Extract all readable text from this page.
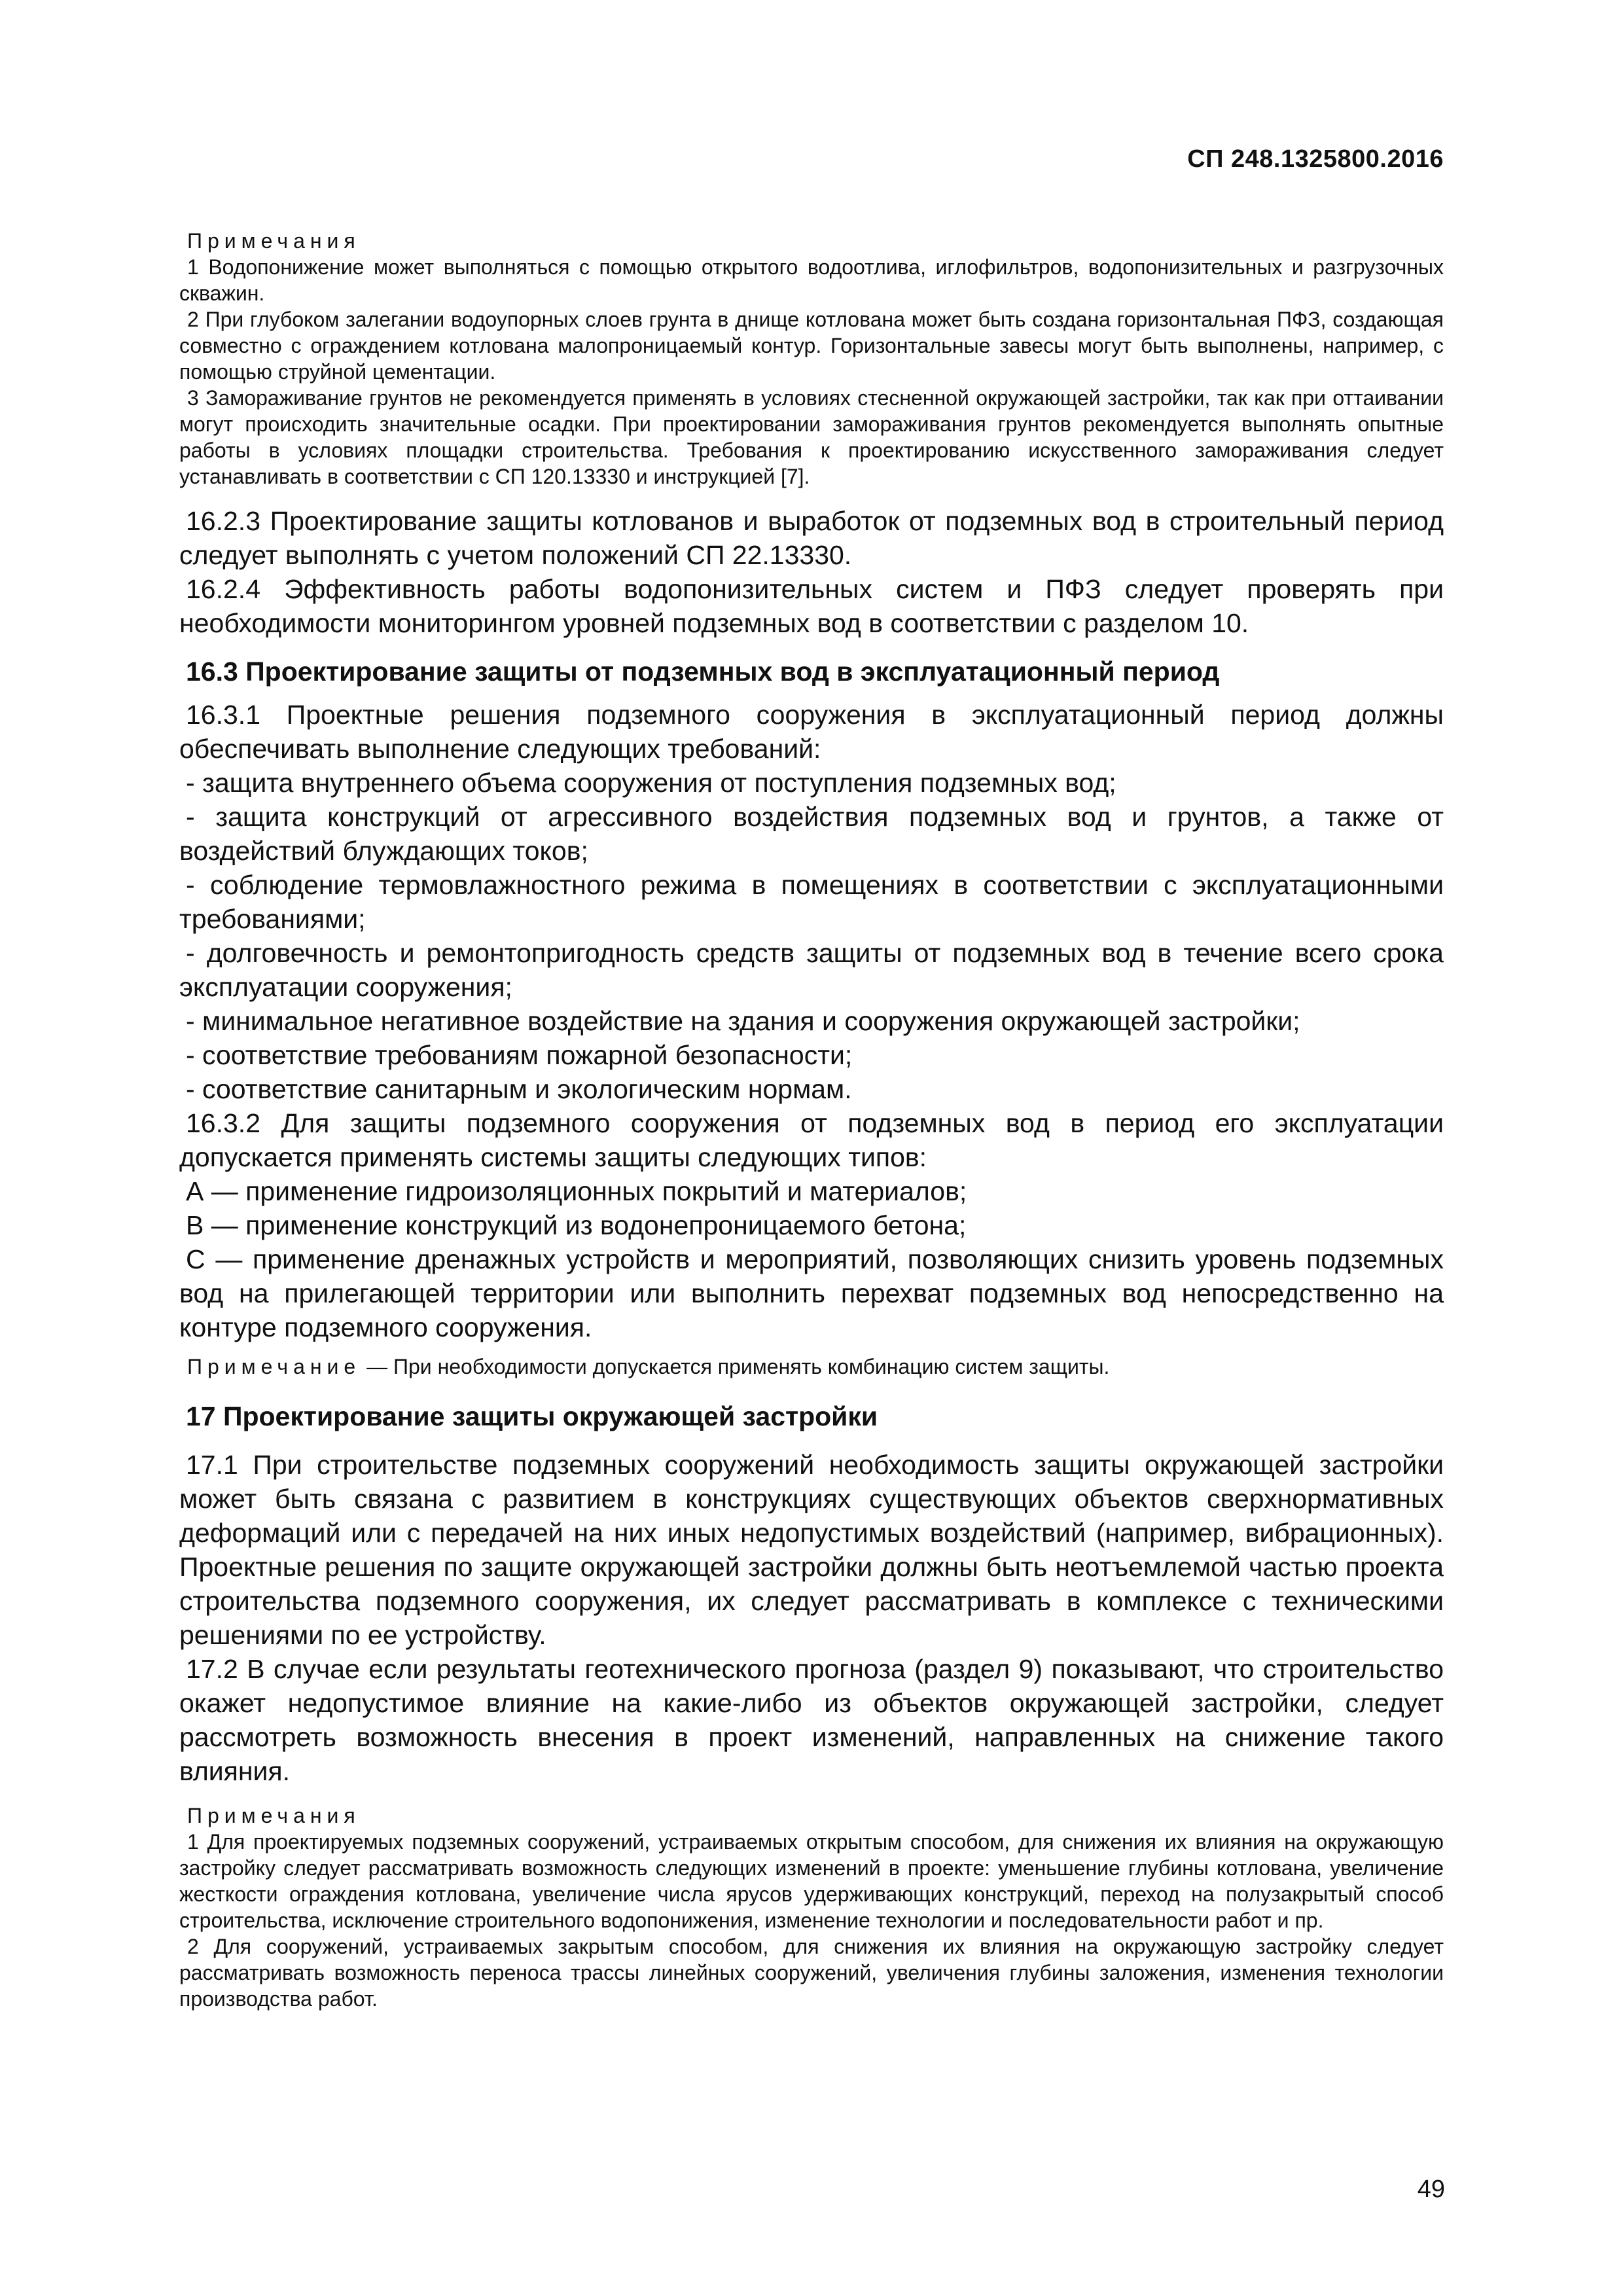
СП 248.1325800.2016
Примечания

1 Водопонижение может выполняться с помощью открытого водоотлива, иглофильтров, водопонизительных и разгрузочных скважин.

2 При глубоком залегании водоупорных слоев грунта в днище котлована может быть создана горизонтальная ПФЗ, создающая совместно с ограждением котлована малопроницаемый контур. Горизонтальные завесы могут быть выполнены, например, с помощью струйной цементации.

3 Замораживание грунтов не рекомендуется применять в условиях стесненной окружающей застройки, так как при оттаивании могут происходить значительные осадки. При проектировании замораживания грунтов рекомендуется выполнять опытные работы в условиях площадки строительства. Требования к проектированию искусственного замораживания следует устанавливать в соответствии с СП 120.13330 и инструкцией [7].

16.2.3 Проектирование защиты котлованов и выработок от подземных вод в строительный период следует выполнять с учетом положений СП 22.13330.

16.2.4 Эффективность работы водопонизительных систем и ПФЗ следует проверять при необходимости мониторингом уровней подземных вод в соответствии с разделом 10.

16.3 Проектирование защиты от подземных вод в эксплуатационный период

16.3.1 Проектные решения подземного сооружения в эксплуатационный период должны обеспечивать выполнение следующих требований:

- защита внутреннего объема сооружения от поступления подземных вод;

- защита конструкций от агрессивного воздействия подземных вод и грунтов, а также от воздействий блуждающих токов;

- соблюдение термовлажностного режима в помещениях в соответствии с эксплуатационными требованиями;

- долговечность и ремонтопригодность средств защиты от подземных вод в течение всего срока эксплуатации сооружения;

- минимальное негативное воздействие на здания и сооружения окружающей застройки;

- соответствие требованиям пожарной безопасности;

- соответствие санитарным и экологическим нормам.

16.3.2 Для защиты подземного сооружения от подземных вод в период его эксплуатации допускается применять системы защиты следующих типов:

А — применение гидроизоляционных покрытий и материалов;

В — применение конструкций из водонепроницаемого бетона;

С — применение дренажных устройств и мероприятий, позволяющих снизить уровень подземных вод на прилегающей территории или выполнить перехват подземных вод непосредственно на контуре подземного сооружения.

Примечание — При необходимости допускается применять комбинацию систем защиты.

17 Проектирование защиты окружающей застройки

17.1 При строительстве подземных сооружений необходимость защиты окружающей застройки может быть связана с развитием в конструкциях существующих объектов сверхнормативных деформаций или с передачей на них иных недопустимых воздействий (например, вибрационных). Проектные решения по защите окружающей застройки должны быть неотъемлемой частью проекта строительства подземного сооружения, их следует рассматривать в комплексе с техническими решениями по ее устройству.

17.2 В случае если результаты геотехнического прогноза (раздел 9) показывают, что строительство окажет недопустимое влияние на какие-либо из объектов окружающей застройки, следует рассмотреть возможность внесения в проект изменений, направленных на снижение такого влияния.

Примечания

1 Для проектируемых подземных сооружений, устраиваемых открытым способом, для снижения их влияния на окружающую застройку следует рассматривать возможность следующих изменений в проекте: уменьшение глубины котлована, увеличение жесткости ограждения котлована, увеличение числа ярусов удерживающих конструкций, переход на полузакрытый способ строительства, исключение строительного водопонижения, изменение технологии и последовательности работ и пр.

2 Для сооружений, устраиваемых закрытым способом, для снижения их влияния на окружающую застройку следует рассматривать возможность переноса трассы линейных сооружений, увеличения глубины заложения, изменения технологии производства работ.

49
